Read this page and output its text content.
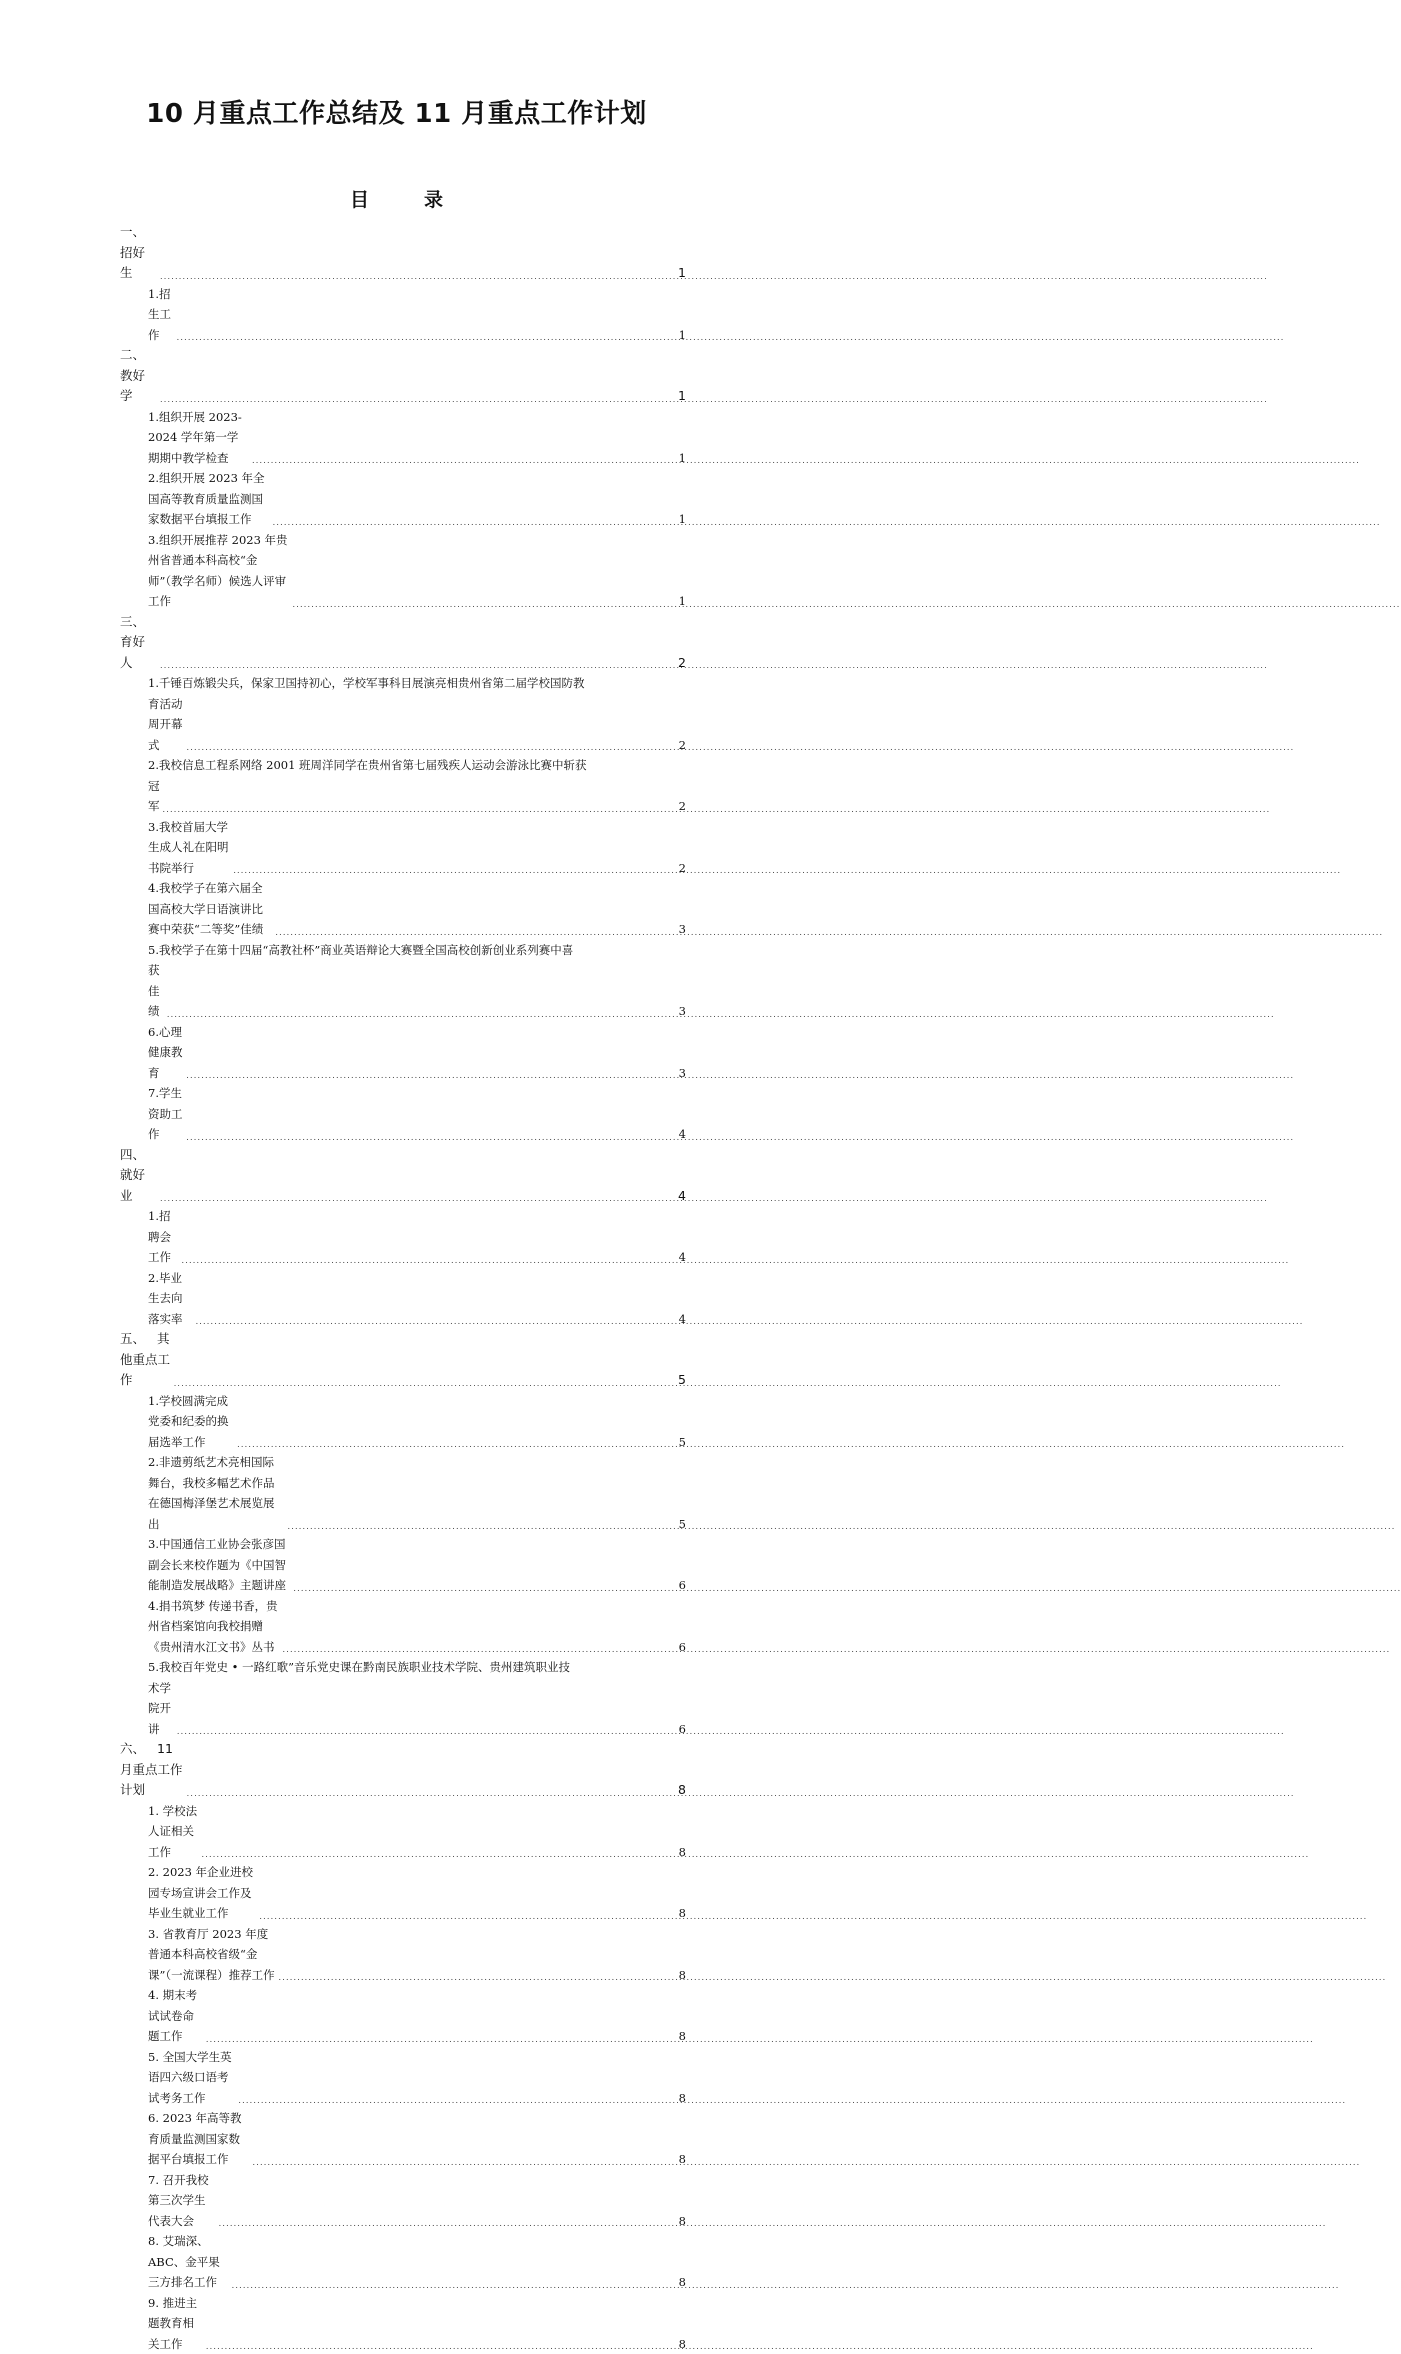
10 月重点工作总结及 11 月重点工作计划
目　录
一、招好生 .....	1
1.招生工作 .....	1
二、教好学 .....	1
1.组织开展 2023-2024 学年第一学期期中教学检查 .....	1
2.组织开展 2023 年全国高等教育质量监测国家数据平台填报工作 .....	1
3.组织开展推荐 2023 年贵州省普通本科高校“金师”（教学名师）候选人评审工作 .....	1
三、育好人 .....	2
1.千锤百炼锻尖兵，保家卫国持初心，学校军事科目展演亮相贵州省第二届学校国防教
育活动周开幕式 .....	2
2.我校信息工程系网络 2001 班周洋同学在贵州省第七届残疾人运动会游泳比赛中斩获
冠军 .....	2
3.我校首届大学生成人礼在阳明书院举行 .....	2
4.我校学子在第六届全国高校大学日语演讲比赛中荣获“二等奖”佳绩 .....	3
5.我校学子在第十四届“高教社杯”商业英语辩论大赛暨全国高校创新创业系列赛中喜
获佳绩 .....	3
6.心理健康教育 .....	3
7.学生资助工作 .....	4
四、就好业 .....	4
1.招聘会工作 .....	4
2.毕业生去向落实率 .....	4
五、 其他重点工作 .....	5
1.学校圆满完成党委和纪委的换届选举工作 .....	5
2.非遗剪纸艺术亮相国际舞台，我校多幅艺术作品在德国梅泽堡艺术展览展出 .....	5
3.中国通信工业协会张彦国副会长来校作题为《中国智能制造发展战略》主题讲座 .....	6
4.捐书筑梦 传递书香，贵州省档案馆向我校捐赠《贵州清水江文书》丛书 .....	6
5.我校百年党史 • 一路红歌”音乐党史课在黔南民族职业技术学院、贵州建筑职业技
术学院开讲 .....	6
六、 11 月重点工作计划 .....	8
1. 学校法人证相关工作 .....	8
2. 2023 年企业进校园专场宣讲会工作及毕业生就业工作 .....	8
3. 省教育厅 2023 年度普通本科高校省级“金课”（一流课程）推荐工作 .....	8
4. 期末考试试卷命题工作 .....	8
5. 全国大学生英语四六级口语考试考务工作 .....	8
6. 2023 年高等教育质量监测国家数据平台填报工作 .....	8
7. 召开我校第三次学生代表大会 .....	8
8. 艾瑞深、ABC、金平果三方排名工作 .....	8
9. 推进主题教育相关工作 .....	8
